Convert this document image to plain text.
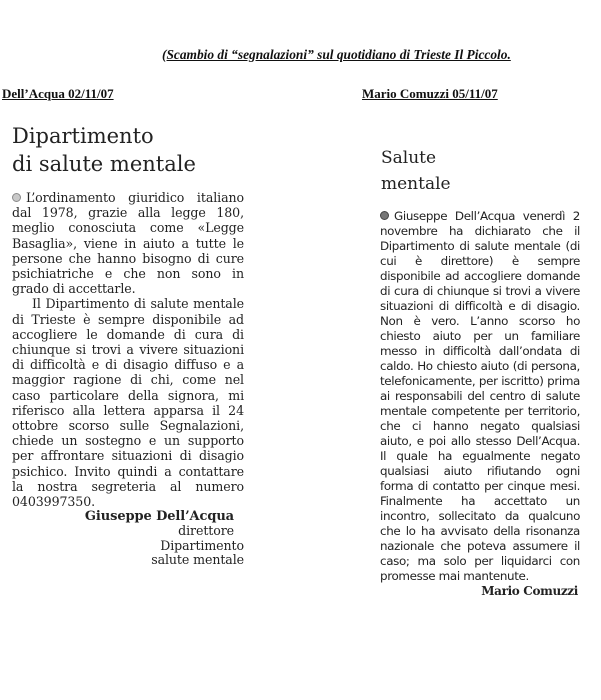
(Scambio di “segnalazioni” sul quotidiano di Trieste Il Piccolo.
Dell’Acqua 02/11/07	Mario Comuzzi 05/11/07
Dipartimento
di salute mentale

L’ordinamento giuridico italiano dal 1978, grazie alla legge 180, meglio conosciuta come «Legge Basaglia», viene in aiuto a tutte le persone che hanno bisogno di cure psichiatriche e che non sono in grado di accettarle.

Il Dipartimento di salute mentale di Trieste è sempre disponibile ad accogliere le domande di cura di chiunque si trovi a vivere situazioni di difficoltà e di disagio diffuso e a maggior ragione di chi, come nel caso particolare della signora, mi riferisco alla lettera apparsa il 24 ottobre scorso sulle Segnalazioni, chiede un sostegno e un supporto per affrontare situazioni di disagio psichico. Invito quindi a contattare la nostra segreteria al numero 0403997350.

Giuseppe Dell’Acqua
direttore
Dipartimento
salute mentale
Salute
mentale

Giuseppe Dell’Acqua venerdì 2 novembre ha dichiarato che il Dipartimento di salute mentale (di cui è direttore) è sempre disponibile ad accogliere domande di cura di chiunque si trovi a vivere situazioni di difficoltà e di disagio. Non è vero. L’anno scorso ho chiesto aiuto per un familiare messo in difficoltà dall’ondata di caldo. Ho chiesto aiuto (di persona, telefonicamente, per iscritto) prima ai responsabili del centro di salute mentale competente per territorio, che ci hanno negato qualsiasi aiuto, e poi allo stesso Dell’Acqua. Il quale ha egualmente negato qualsiasi aiuto rifiutando ogni forma di contatto per cinque mesi. Finalmente ha accettato un incontro, sollecitato da qualcuno che lo ha avvisato della risonanza nazionale che poteva assumere il caso; ma solo per liquidarci con promesse mai mantenute.

Mario Comuzzi
